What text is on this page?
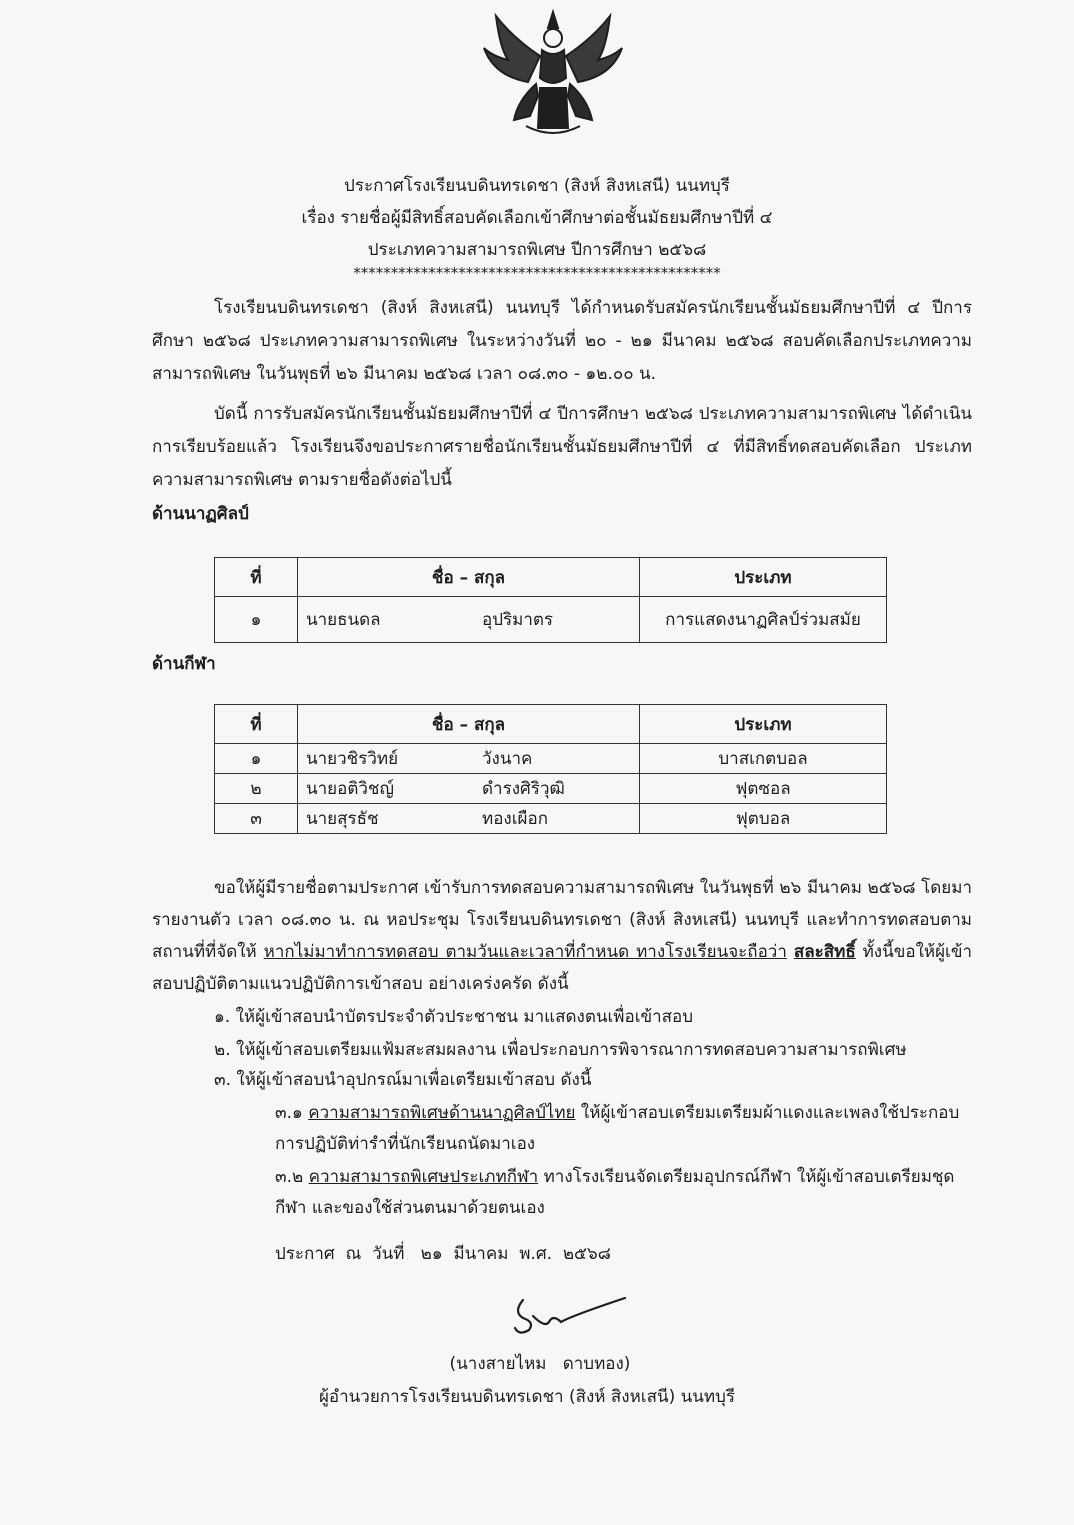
ประกาศโรงเรียนบดินทรเดชา (สิงห์ สิงหเสนี) นนทบุรี
เรื่อง รายชื่อผู้มีสิทธิ์สอบคัดเลือกเข้าศึกษาต่อชั้นมัธยมศึกษาปีที่ ๔
ประเภทความสามารถพิเศษ ปีการศึกษา ๒๕๖๘
*************************************************
โรงเรียนบดินทรเดชา (สิงห์ สิงหเสนี) นนทบุรี ได้กำหนดรับสมัครนักเรียนชั้นมัธยมศึกษาปีที่ ๔ ปีการศึกษา ๒๕๖๘ ประเภทความสามารถพิเศษ ในระหว่างวันที่ ๒๐ - ๒๑ มีนาคม ๒๕๖๘ สอบคัดเลือกประเภทความสามารถพิเศษ ในวันพุธที่ ๒๖ มีนาคม ๒๕๖๘ เวลา ๐๘.๓๐ - ๑๒.๐๐ น.
บัดนี้ การรับสมัครนักเรียนชั้นมัธยมศึกษาปีที่ ๔ ปีการศึกษา ๒๕๖๘ ประเภทความสามารถพิเศษ ได้ดำเนินการเรียบร้อยแล้ว โรงเรียนจึงขอประกาศรายชื่อนักเรียนชั้นมัธยมศึกษาปีที่ ๔ ที่มีสิทธิ์ทดสอบคัดเลือก ประเภทความสามารถพิเศษ ตามรายชื่อดังต่อไปนี้
ด้านนาฏศิลป์
ที่	ชื่อ – สกุล	ประเภท
๑	นายธนดล อุปริมาตร	การแสดงนาฏศิลป์ร่วมสมัย
ด้านกีฬา
ที่	ชื่อ – สกุล	ประเภท
๑	นายวชิรวิทย์ วังนาค	บาสเกตบอล
๒	นายอติวิชญ์ ดำรงศิริวุฒิ	ฟุตซอล
๓	นายสุรธัช ทองเผือก	ฟุตบอล
ขอให้ผู้มีรายชื่อตามประกาศ เข้ารับการทดสอบความสามารถพิเศษ ในวันพุธที่ ๒๖ มีนาคม ๒๕๖๘ โดยมารายงานตัว เวลา ๐๘.๓๐ น. ณ หอประชุม โรงเรียนบดินทรเดชา (สิงห์ สิงหเสนี) นนทบุรี และทำการทดสอบตามสถานที่ที่จัดให้ หากไม่มาทำการทดสอบ ตามวันและเวลาที่กำหนด ทางโรงเรียนจะถือว่า สละสิทธิ์ ทั้งนี้ขอให้ผู้เข้าสอบปฏิบัติตามแนวปฏิบัติการเข้าสอบ อย่างเคร่งครัด ดังนี้
๑. ให้ผู้เข้าสอบนำบัตรประจำตัวประชาชน มาแสดงตนเพื่อเข้าสอบ
๒. ให้ผู้เข้าสอบเตรียมแฟ้มสะสมผลงาน เพื่อประกอบการพิจารณาการทดสอบความสามารถพิเศษ
๓. ให้ผู้เข้าสอบนำอุปกรณ์มาเพื่อเตรียมเข้าสอบ ดังนี้
๓.๑ ความสามารถพิเศษด้านนาฏศิลป์ไทย ให้ผู้เข้าสอบเตรียมเตรียมผ้าแดงและเพลงใช้ประกอบการปฏิบัติท่ารำที่นักเรียนถนัดมาเอง
๓.๒ ความสามารถพิเศษประเภทกีฬา ทางโรงเรียนจัดเตรียมอุปกรณ์กีฬา ให้ผู้เข้าสอบเตรียมชุดกีฬา และของใช้ส่วนตนมาด้วยตนเอง
ประกาศ  ณ  วันที่   ๒๑  มีนาคม  พ.ศ.  ๒๕๖๘
(นางสายไหม   ดาบทอง)
ผู้อำนวยการโรงเรียนบดินทรเดชา (สิงห์ สิงหเสนี) นนทบุรี
